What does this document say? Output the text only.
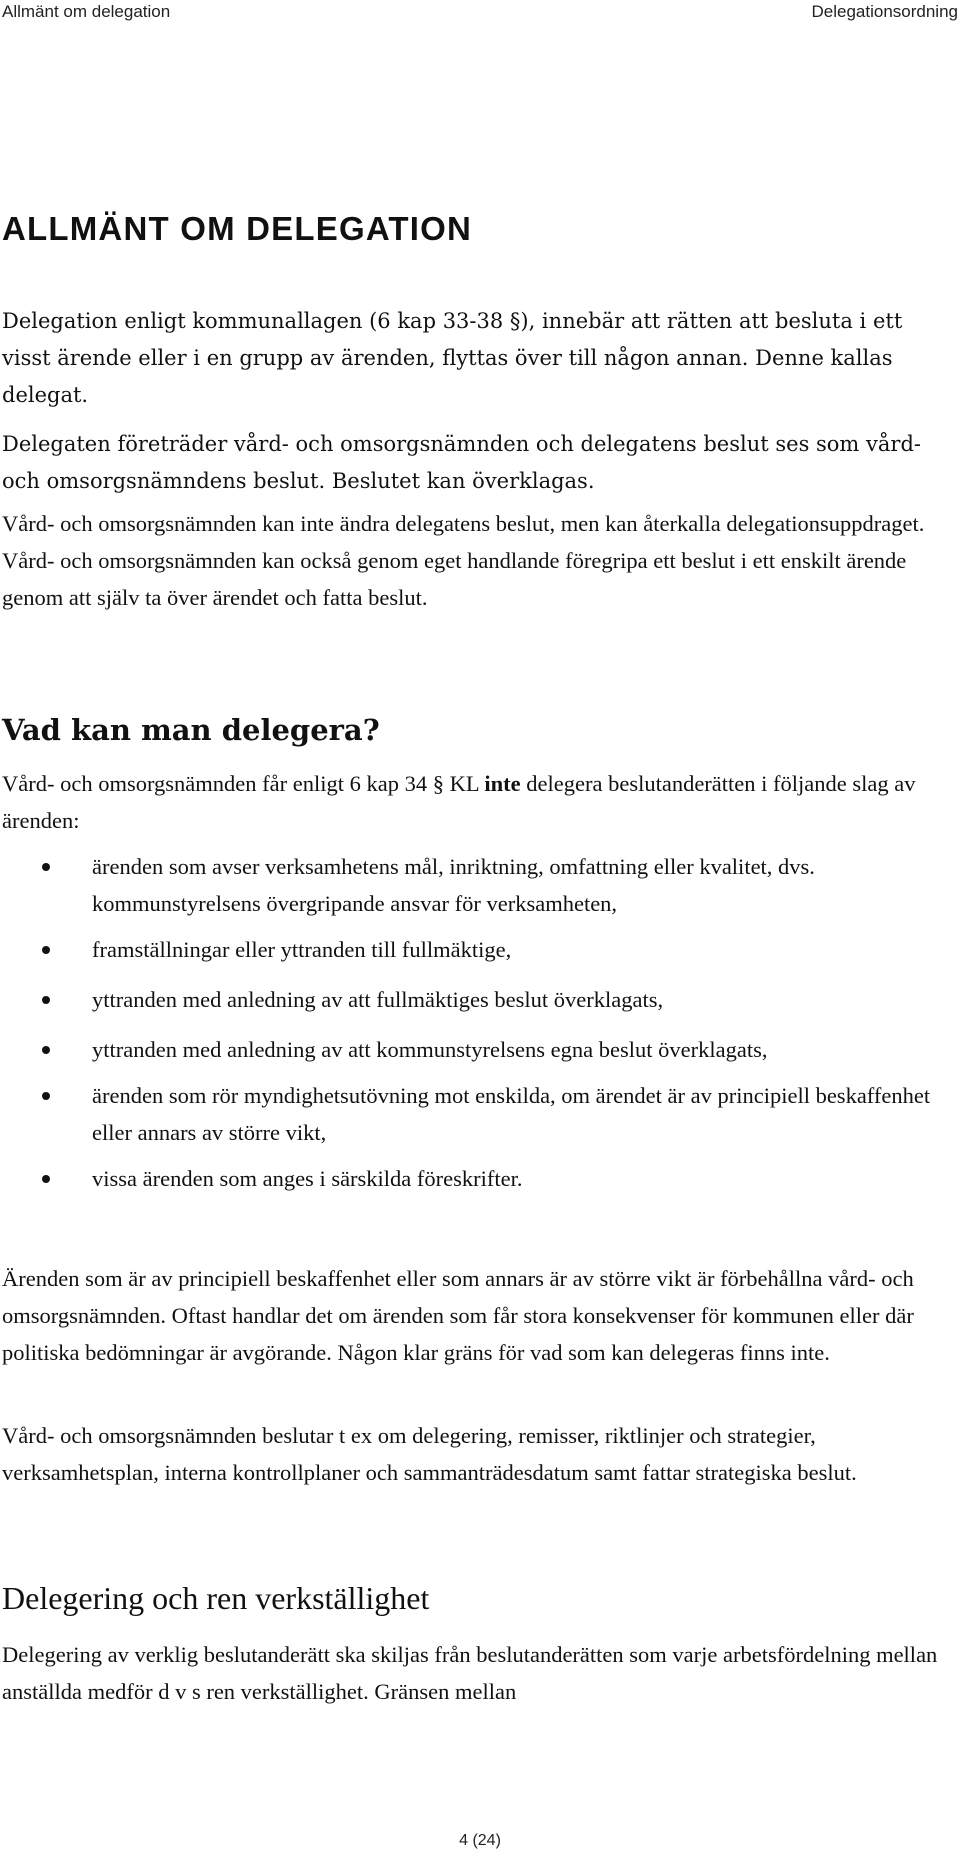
Allmänt om delegation	Delegationsordning
ALLMÄNT OM DELEGATION

Delegation enligt kommunallagen (6 kap 33-38 §), innebär att rätten att besluta i ett visst ärende eller i en grupp av ärenden, flyttas över till någon annan. Denne kallas delegat.

Delegaten företräder vård- och omsorgsnämnden och delegatens beslut ses som vård- och omsorgsnämndens beslut. Beslutet kan överklagas.

Vård- och omsorgsnämnden kan inte ändra delegatens beslut, men kan återkalla delegationsuppdraget. Vård- och omsorgsnämnden kan också genom eget handlande föregripa ett beslut i ett enskilt ärende genom att själv ta över ärendet och fatta beslut.

Vad kan man delegera?

Vård- och omsorgsnämnden får enligt 6 kap 34 § KL inte delegera beslutanderätten i följande slag av ärenden:

ärenden som avser verksamhetens mål, inriktning, omfattning eller kvalitet, dvs. kommunstyrelsens övergripande ansvar för verksamheten,
framställningar eller yttranden till fullmäktige,
yttranden med anledning av att fullmäktiges beslut överklagats,
yttranden med anledning av att kommunstyrelsens egna beslut överklagats,
ärenden som rör myndighetsutövning mot enskilda, om ärendet är av principiell beskaffenhet eller annars av större vikt,
vissa ärenden som anges i särskilda föreskrifter.

Ärenden som är av principiell beskaffenhet eller som annars är av större vikt är förbehållna vård- och omsorgsnämnden. Oftast handlar det om ärenden som får stora konsekvenser för kommunen eller där politiska bedömningar är avgörande. Någon klar gräns för vad som kan delegeras finns inte.

Vård- och omsorgsnämnden beslutar t ex om delegering, remisser, riktlinjer och strategier, verksamhetsplan, interna kontrollplaner och sammanträdesdatum samt fattar strategiska beslut.

Delegering och ren verkställighet

Delegering av verklig beslutanderätt ska skiljas från beslutanderätten som varje arbetsfördelning mellan anställda medför d v s ren verkställighet. Gränsen mellan

4 (24)
